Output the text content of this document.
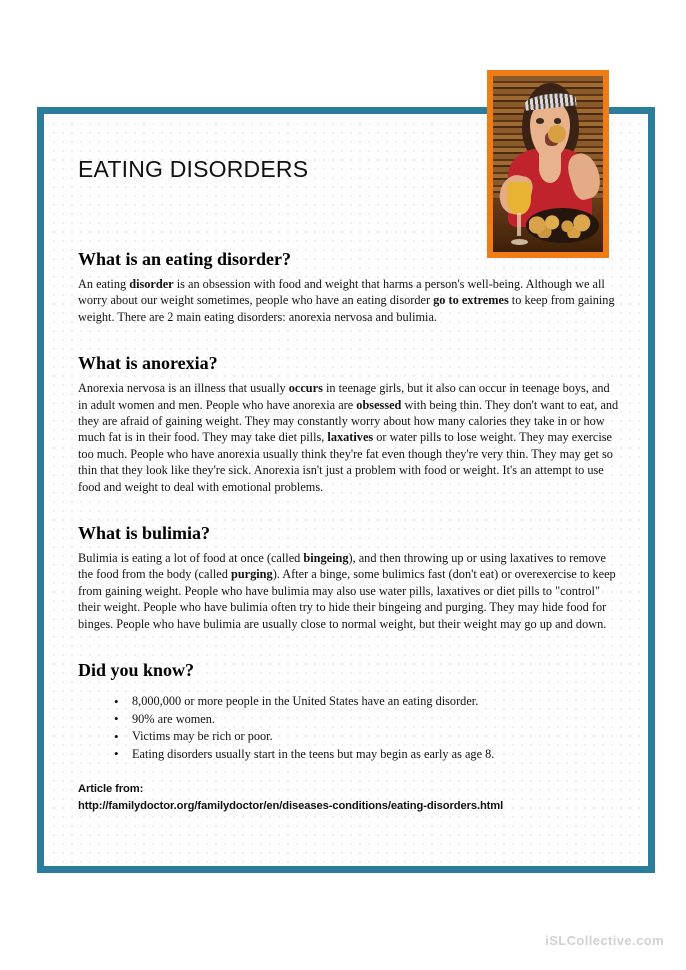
EATING DISORDERS
What is an eating disorder?

An eating disorder is an obsession with food and weight that harms a person's well-being. Although we all worry about our weight sometimes, people who have an eating disorder go to extremes to keep from gaining weight. There are 2 main eating disorders: anorexia nervosa and bulimia.

What is anorexia?

Anorexia nervosa is an illness that usually occurs in teenage girls, but it also can occur in teenage boys, and in adult women and men. People who have anorexia are obsessed with being thin. They don't want to eat, and they are afraid of gaining weight. They may constantly worry about how many calories they take in or how much fat is in their food. They may take diet pills, laxatives or water pills to lose weight. They may exercise too much. People who have anorexia usually think they're fat even though they're very thin. They may get so thin that they look like they're sick. Anorexia isn't just a problem with food or weight. It's an attempt to use food and weight to deal with emotional problems.

What is bulimia?

Bulimia is eating a lot of food at once (called bingeing), and then throwing up or using laxatives to remove the food from the body (called purging). After a binge, some bulimics fast (don't eat) or overexercise to keep from gaining weight. People who have bulimia may also use water pills, laxatives or diet pills to "control" their weight. People who have bulimia often try to hide their bingeing and purging. They may hide food for binges. People who have bulimia are usually close to normal weight, but their weight may go up and down.

Did you know?
• 8,000,000 or more people in the United States have an eating disorder.
• 90% are women.
• Victims may be rich or poor.
• Eating disorders usually start in the teens but may begin as early as age 8.
Article from:
http://familydoctor.org/familydoctor/en/diseases-conditions/eating-disorders.html
iSLCollective.com
